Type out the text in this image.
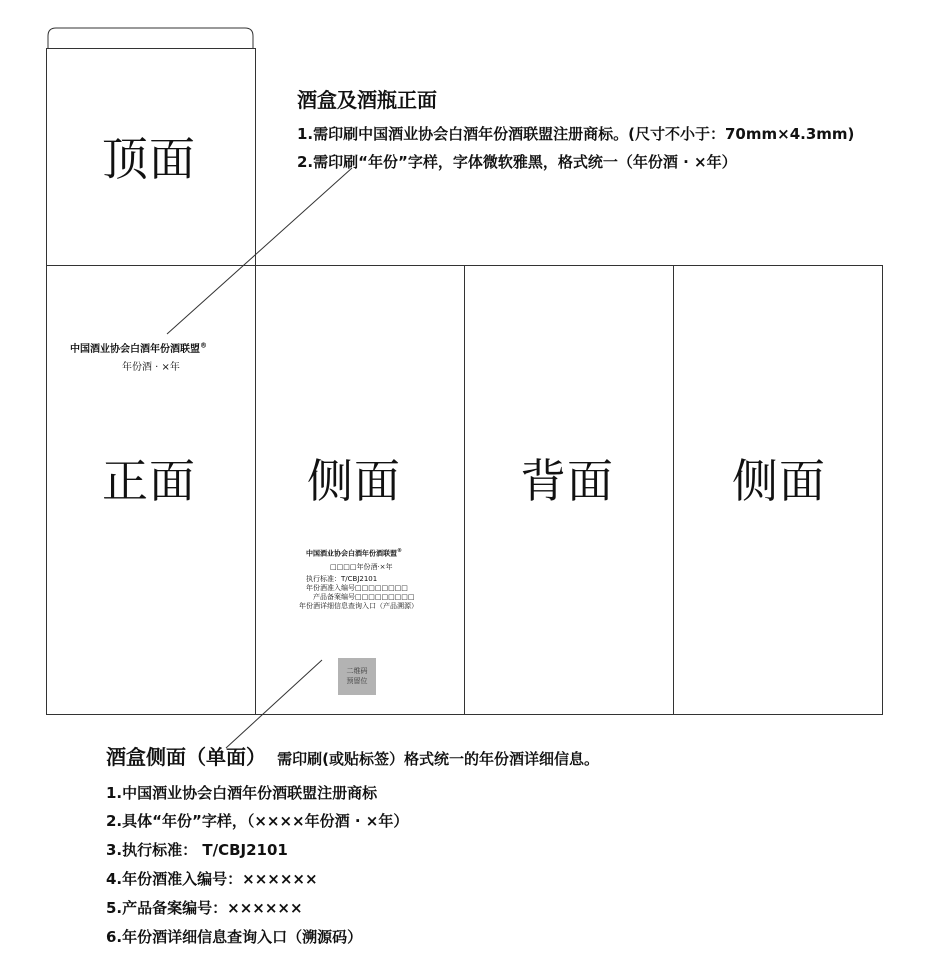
顶面
正面 侧面	背面	侧面
中国酒业协会白酒年份酒联盟®
年份酒 · ×年
中国酒业协会白酒年份酒联盟®
□□□□年份酒·×年
执行标准：T/CBJ2101
年份酒准入编号□□□□□□□□
产品备案编号□□□□□□□□□
年份酒详细信息查询入口（产品溯源）
二维码
预留位
酒盒及酒瓶正面
1.需印刷中国酒业协会白酒年份酒联盟注册商标。(尺寸不小于：70mm×4.3mm)
2.需印刷“年份”字样，字体微软雅黑，格式统一（年份酒 · ×年）
酒盒侧面（单面） 需印刷(或贴标签）格式统一的年份酒详细信息。
1.中国酒业协会白酒年份酒联盟注册商标
2.具体“年份”字样，（××××年份酒 · ×年）
3.执行标准： T/CBJ2101
4.年份酒准入编号：××××××
5.产品备案编号：××××××
6.年份酒详细信息查询入口（溯源码）
